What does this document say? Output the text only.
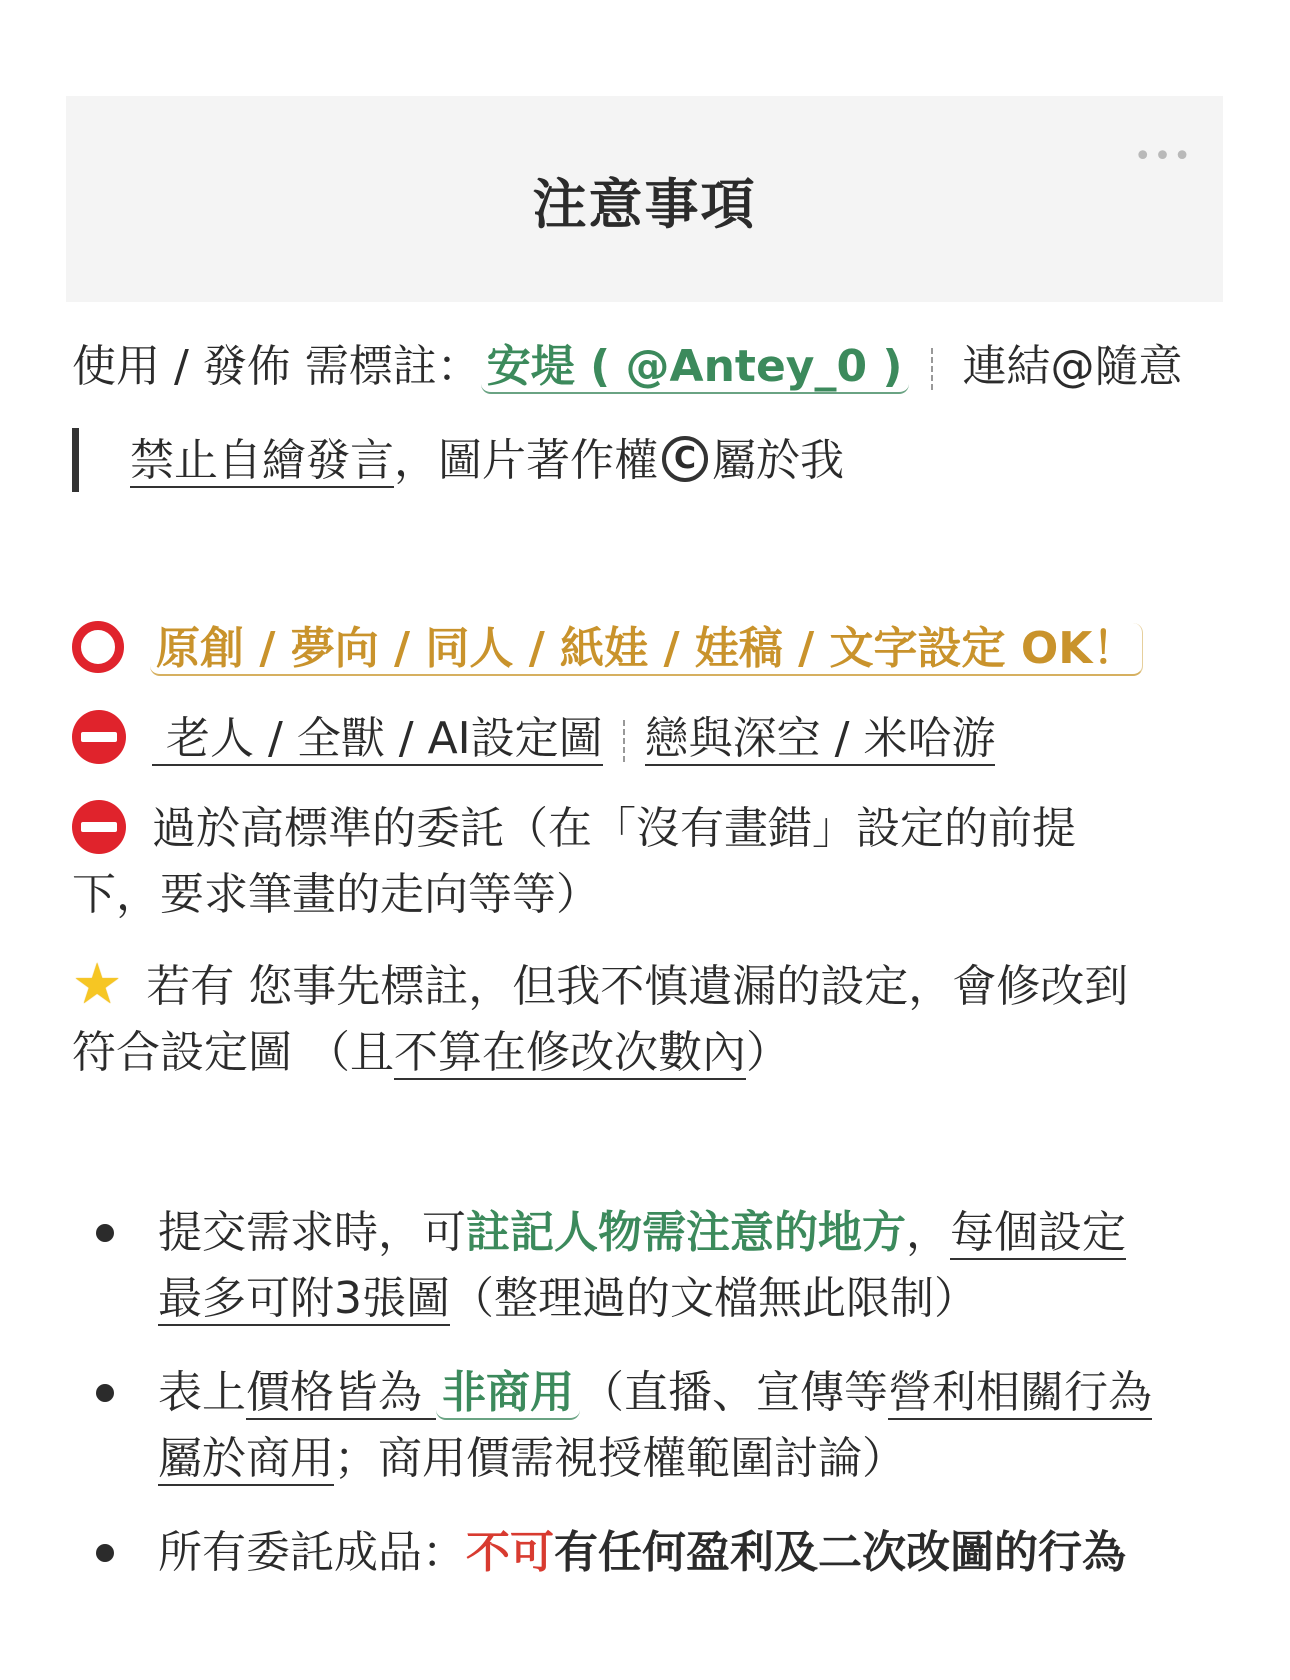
注意事項
•••
使用 / 發佈 需標註： 安堤 ( @Antey_0 ) 連結@隨意
禁止自繪發言，圖片著作權 C 屬於我
原創 / 夢向 / 同人 / 紙娃 / 娃稿 / 文字設定 OK！
老人 / 全獸 / AI設定圖 戀與深空 / 米哈游
過於高標準的委託（在「沒有畫錯」設定的前提
下，要求筆畫的走向等等）
★ 若有 您事先標註，但我不慎遺漏的設定，會修改到
符合設定圖 （且不算在修改次數內）
提交需求時，可註記人物需注意的地方，每個設定
最多可附3張圖（整理過的文檔無此限制）
表上價格皆為 非商用 （直播、宣傳等營利相關行為
屬於商用；商用價需視授權範圍討論）
所有委託成品：不可有任何盈利及二次改圖的行為
